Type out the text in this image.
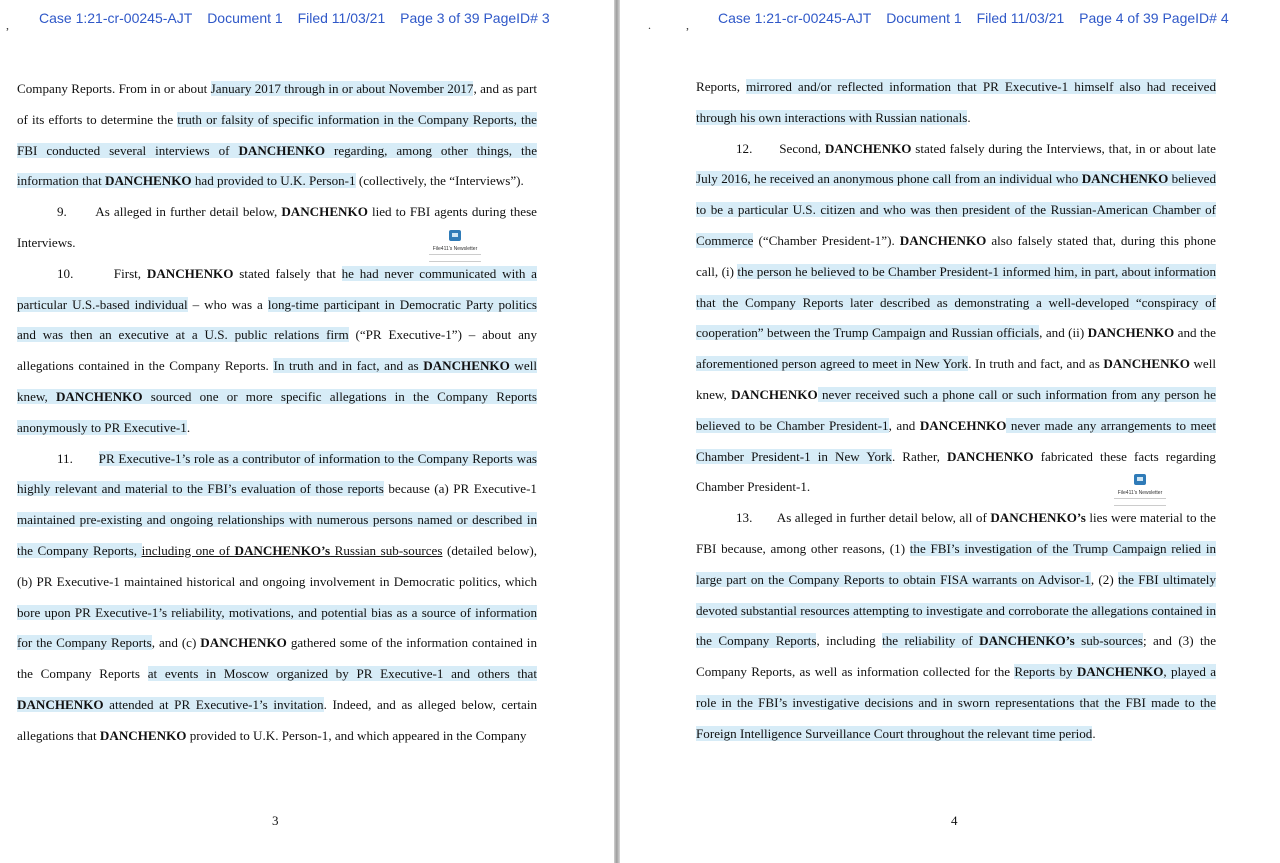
, Case 1:21-cr-00245-AJT Document 1 Filed 11/03/21 Page 3 of 39 PageID# 3

Company Reports. From in or about January 2017 through in or about November 2017, and as part of its efforts to determine the truth or falsity of specific information in the Company Reports, the FBI conducted several interviews of DANCHENKO regarding, among other things, the information that DANCHENKO had provided to U.K. Person-1 (collectively, the “Interviews”).

9. As alleged in further detail below, DANCHENKO lied to FBI agents during these Interviews.

10.	First, DANCHENKO stated falsely that he had never communicated with a particular U.S.-based individual – who was a long-time participant in Democratic Party politics and was then an executive at a U.S. public relations firm (“PR Executive-1”) – about any allegations contained in the Company Reports. In truth and in fact, and as DANCHENKO well knew, DANCHENKO sourced one or more specific allegations in the Company Reports anonymously to PR Executive-1.

11. PR Executive-1’s role as a contributor of information to the Company Reports was highly relevant and material to the FBI’s evaluation of those reports because (a) PR Executive-1 maintained pre-existing and ongoing relationships with numerous persons named or described in the Company Reports, including one of DANCHENKO’s Russian sub-sources (detailed below), (b) PR Executive-1 maintained historical and ongoing involvement in Democratic politics, which bore upon PR Executive-1’s reliability, motivations, and potential bias as a source of information for the Company Reports, and (c) DANCHENKO gathered some of the information contained in the Company Reports at events in Moscow organized by PR Executive-1 and others that DANCHENKO attended at PR Executive-1’s invitation. Indeed, and as alleged below, certain allegations that DANCHENKO provided to U.K. Person-1, and which appeared in the Company

File411's Newsletter
3
.	, Case 1:21-cr-00245-AJT Document 1 Filed 11/03/21 Page 4 of 39 PageID# 4

Reports, mirrored and/or reflected information that PR Executive-1 himself also had received through his own interactions with Russian nationals.

12. Second, DANCHENKO stated falsely during the Interviews, that, in or about late July 2016, he received an anonymous phone call from an individual who DANCHENKO believed to be a particular U.S. citizen and who was then president of the Russian-American Chamber of Commerce (“Chamber President-1”). DANCHENKO also falsely stated that, during this phone call, (i) the person he believed to be Chamber President-1 informed him, in part, about information that the Company Reports later described as demonstrating a well-developed “conspiracy of cooperation” between the Trump Campaign and Russian officials, and (ii) DANCHENKO and the aforementioned person agreed to meet in New York. In truth and fact, and as DANCHENKO well knew, DANCHENKO never received such a phone call or such information from any person he believed to be Chamber President-1, and DANCEHNKO never made any arrangements to meet Chamber President-1 in New York. Rather, DANCHENKO fabricated these facts regarding Chamber President-1.

13. As alleged in further detail below, all of DANCHENKO’s lies were material to the FBI because, among other reasons, (1) the FBI’s investigation of the Trump Campaign relied in large part on the Company Reports to obtain FISA warrants on Advisor-1, (2) the FBI ultimately devoted substantial resources attempting to investigate and corroborate the allegations contained in the Company Reports, including the reliability of DANCHENKO’s sub-sources; and (3) the Company Reports, as well as information collected for the Reports by DANCHENKO, played a role in the FBI’s investigative decisions and in sworn representations that the FBI made to the Foreign Intelligence Surveillance Court throughout the relevant time period.

File411's Newsletter
4
